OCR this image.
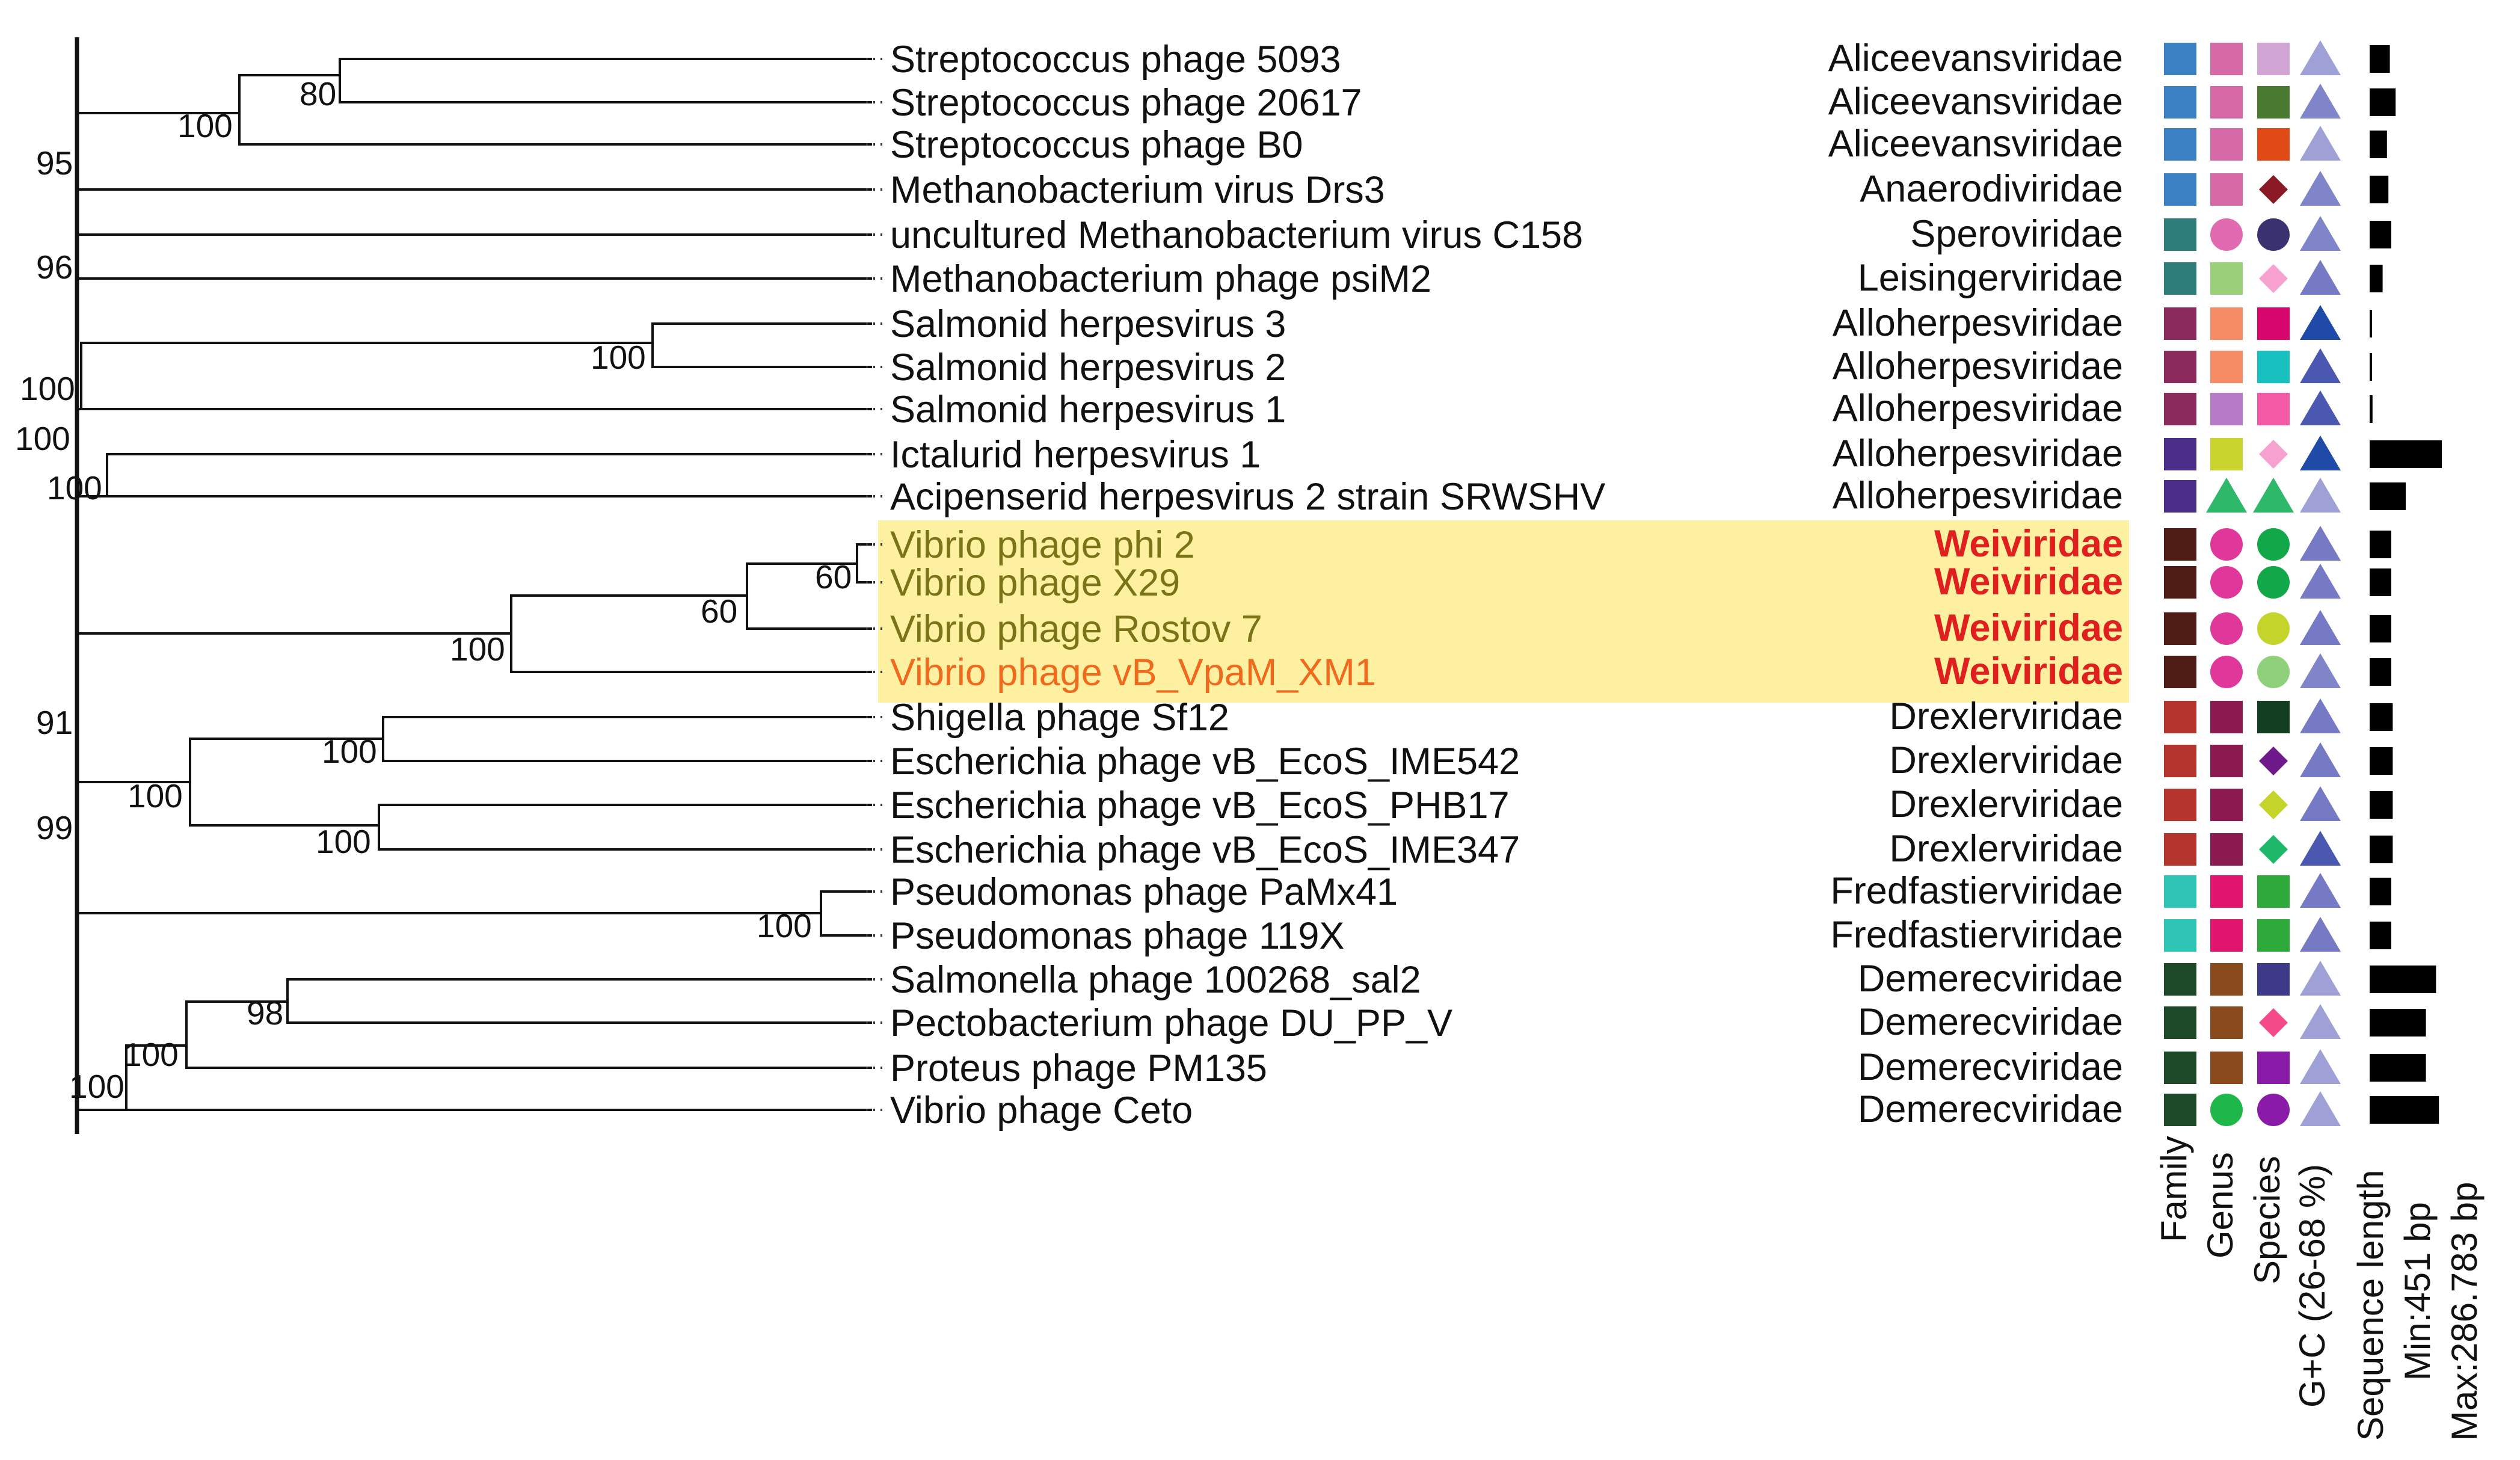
80
100
95
96
100
100
100
100
60
60
100
91
100
100
99	100
100
98
100
100
Streptococcus phage 5093	Aliceevansviridae
Streptococcus phage 20617	Aliceevansviridae
Streptococcus phage B0	Aliceevansviridae
Methanobacterium virus Drs3	Anaerodiviridae
uncultured Methanobacterium virus C158	Speroviridae
Methanobacterium phage psiM2	Leisingerviridae
Salmonid herpesvirus 3	Alloherpesviridae
Salmonid herpesvirus 2	Alloherpesviridae
Salmonid herpesvirus 1	Alloherpesviridae
Ictalurid herpesvirus 1	Alloherpesviridae
Acipenserid herpesvirus 2 strain SRWSHV	Alloherpesviridae
Vibrio phage phi 2	Weiviridae
Vibrio phage X29	Weiviridae
Vibrio phage Rostov 7	Weiviridae
Vibrio phage vB_VpaM_XM1	Weiviridae
Shigella phage Sf12	Drexlerviridae
Escherichia phage vB_EcoS_IME542	Drexlerviridae
Escherichia phage vB_EcoS_PHB17	Drexlerviridae
Escherichia phage vB_EcoS_IME347	Drexlerviridae
Pseudomonas phage PaMx41	Fredfastierviridae
Pseudomonas phage 119X	Fredfastierviridae
Salmonella phage 100268_sal2	Demerecviridae
Pectobacterium phage DU_PP_V	Demerecviridae
Proteus phage PM135	Demerecviridae
Vibrio phage Ceto	Demerecviridae
Family Genus Species G+C (26-68 %) Sequence length Min:451 bp Max:286.783 bp
